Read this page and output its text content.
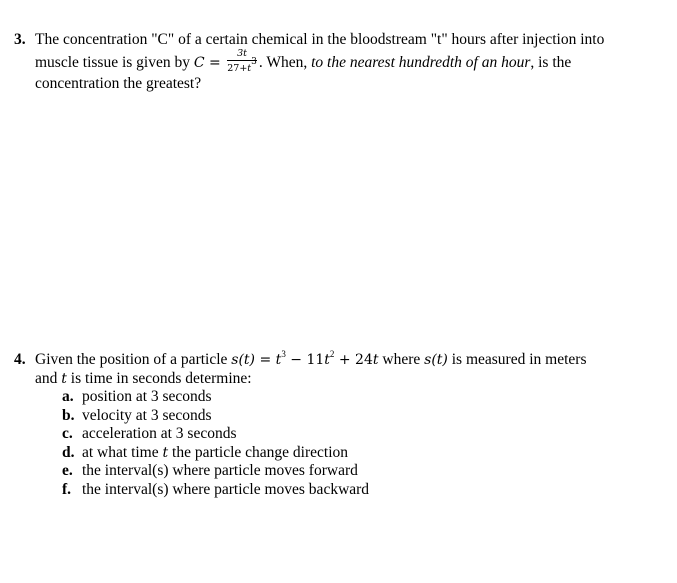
3. The concentration "C" of a certain chemical in the bloodstream "t" hours after injection into
muscle tissue is given by $C = \frac{3t}{27+t^3}$ . When, to the nearest hundredth of an hour, is the
concentration the greatest?
4. Given the position of a particle $s(t) = t^3 - 11t^2 + 24t$ where s(t) is measured in meters
and t is time in seconds determine:
a. position at 3 seconds
b. velocity at 3 seconds
c. acceleration at 3 seconds
d. at what time t the particle change direction
e. the interval(s) where particle moves forward
f. the interval(s) where particle moves backward
